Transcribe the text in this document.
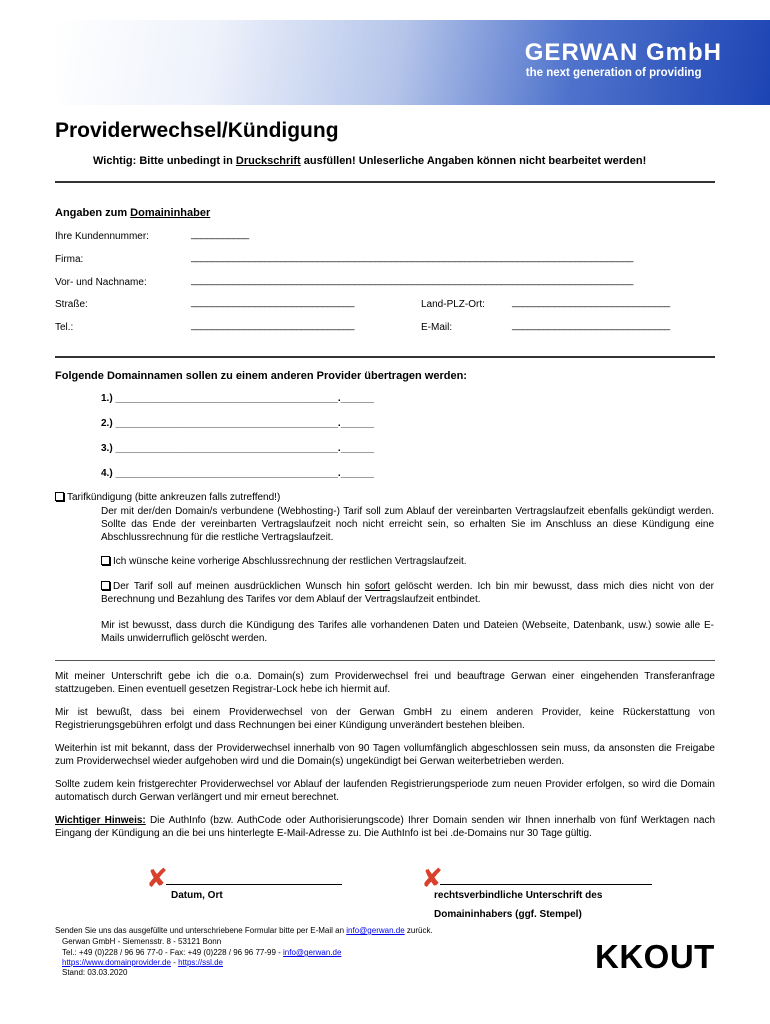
GERWAN GmbH
the next generation of providing
Providerwechsel/Kündigung
Wichtig: Bitte unbedingt in Druckschrift ausfüllen! Unleserliche Angaben können nicht bearbeitet werden!
Angaben zum Domaininhaber
Ihre Kundennummer:	___________
Firma:	____________________________________________________________________________________
Vor- und Nachname:	____________________________________________________________________________________
Straße:	_______________________________	Land-PLZ-Ort:	______________________________
Tel.:	_______________________________	E-Mail:	______________________________
Folgende Domainnamen sollen zu einem anderen Provider übertragen werden:
1.) ________________________________________.______
2.) ________________________________________.______
3.) ________________________________________.______
4.) ________________________________________.______
Tarifkündigung (bitte ankreuzen falls zutreffend!)
Der mit der/den Domain/s verbundene (Webhosting-) Tarif soll zum Ablauf der vereinbarten Vertragslaufzeit ebenfalls gekündigt werden. Sollte das Ende der vereinbarten Vertragslaufzeit noch nicht erreicht sein, so erhalten Sie im Anschluss an diese Kündigung eine Abschlussrechnung für die restliche Vertragslaufzeit.
Ich wünsche keine vorherige Abschlussrechnung der restlichen Vertragslaufzeit.
Der Tarif soll auf meinen ausdrücklichen Wunsch hin sofort gelöscht werden. Ich bin mir bewusst, dass mich dies nicht von der Berechnung und Bezahlung des Tarifes vor dem Ablauf der Vertragslaufzeit entbindet.
Mir ist bewusst, dass durch die Kündigung des Tarifes alle vorhandenen Daten und Dateien (Webseite, Datenbank, usw.) sowie alle E-Mails unwiderruflich gelöscht werden.
Mit meiner Unterschrift gebe ich die o.a. Domain(s) zum Providerwechsel frei und beauftrage Gerwan einer eingehenden Transferanfrage stattzugeben. Einen eventuell gesetzen Registrar-Lock hebe ich hiermit auf.
Mir ist bewußt, dass bei einem Providerwechsel von der Gerwan GmbH zu einem anderen Provider, keine Rückerstattung von Registrierungsgebühren erfolgt und dass Rechnungen bei einer Kündigung unverändert bestehen bleiben.
Weiterhin ist mit bekannt, dass der Providerwechsel innerhalb von 90 Tagen vollumfänglich abgeschlossen sein muss, da ansonsten die Freigabe zum Providerwechsel wieder aufgehoben wird und die Domain(s) ungekündigt bei Gerwan weiterbetrieben werden.
Sollte zudem kein fristgerechter Providerwechsel vor Ablauf der laufenden Registrierungsperiode zum neuen Provider erfolgen, so wird die Domain automatisch durch Gerwan verlängert und mir erneut berechnet.
Wichtiger Hinweis: Die AuthInfo (bzw. AuthCode oder Authorisierungscode) Ihrer Domain senden wir Ihnen innerhalb von fünf Werktagen nach Eingang der Kündigung an die bei uns hinterlegte E-Mail-Adresse zu. Die AuthInfo ist bei .de-Domains nur 30 Tage gültig.
✘
Datum, Ort
✘
rechtsverbindliche Unterschrift des
Domaininhabers (ggf. Stempel)
Senden Sie uns das ausgefüllte und unterschriebene Formular bitte per E-Mail an info@gerwan.de zurück.
Gerwan GmbH - Siemensstr. 8 - 53121 Bonn
Tel.: +49 (0)228 / 96 96 77-0 - Fax: +49 (0)228 / 96 96 77-99 - info@gerwan.de
https://www.domainprovider.de - https://ssl.de
Stand: 03.03.2020	KKOUT
